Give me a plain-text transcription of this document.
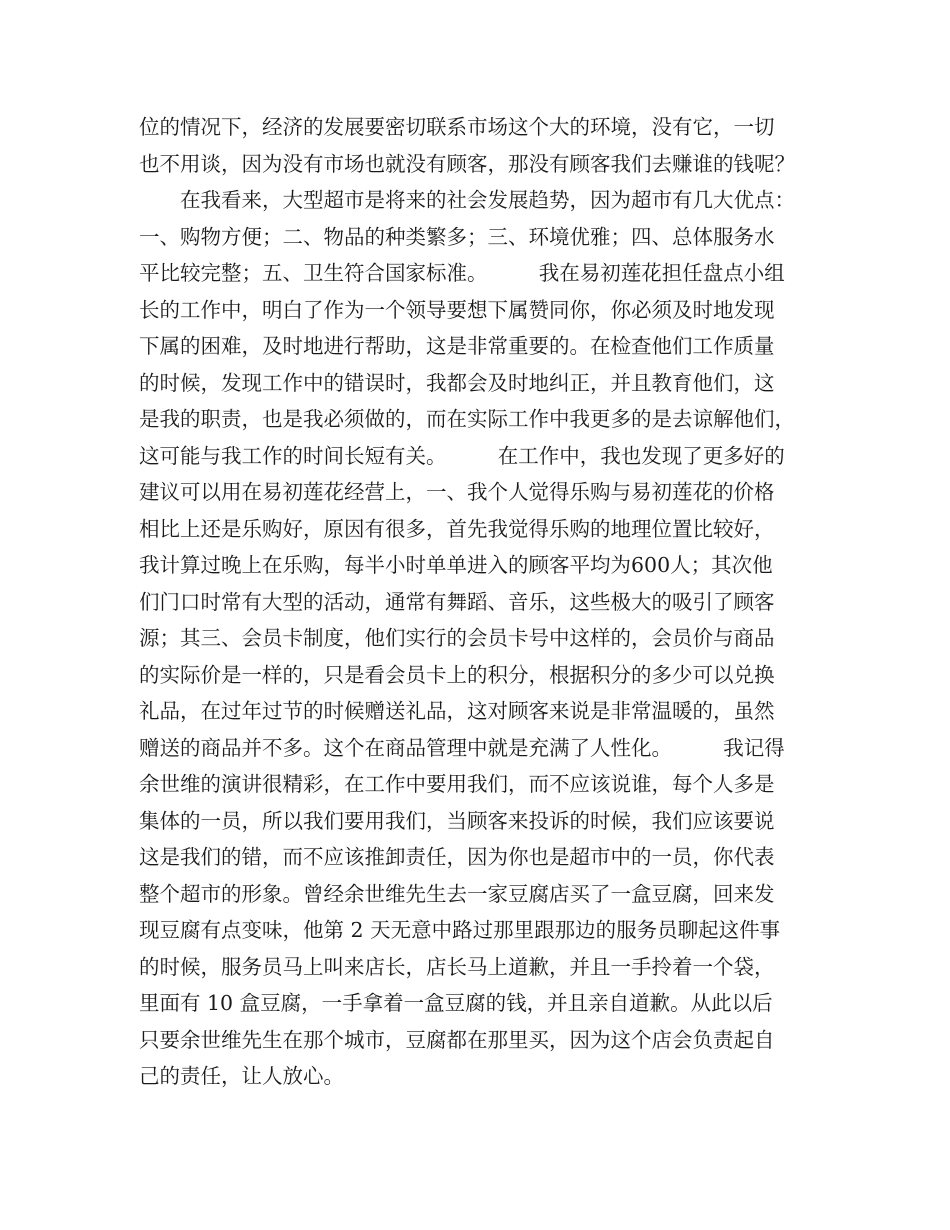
位的情况下，经济的发展要密切联系市场这个大的环境，没有它，一切
也不用谈，因为没有市场也就没有顾客，那没有顾客我们去赚谁的钱呢？
　　在我看来，大型超市是将来的社会发展趋势，因为超市有几大优点：
一、购物方便；二、物品的种类繁多；三、环境优雅；四、总体服务水
平比较完整；五、卫生符合国家标准。　　　我在易初莲花担任盘点小组
长的工作中，明白了作为一个领导要想下属赞同你，你必须及时地发现
下属的困难，及时地进行帮助，这是非常重要的。在检查他们工作质量
的时候，发现工作中的错误时，我都会及时地纠正，并且教育他们，这
是我的职责，也是我必须做的，而在实际工作中我更多的是去谅解他们，
这可能与我工作的时间长短有关。　　　在工作中，我也发现了更多好的
建议可以用在易初莲花经营上，一、我个人觉得乐购与易初莲花的价格
相比上还是乐购好，原因有很多，首先我觉得乐购的地理位置比较好，
我计算过晚上在乐购，每半小时单单进入的顾客平均为600人；其次他
们门口时常有大型的活动，通常有舞蹈、音乐，这些极大的吸引了顾客
源；其三、会员卡制度，他们实行的会员卡号中这样的，会员价与商品
的实际价是一样的，只是看会员卡上的积分，根据积分的多少可以兑换
礼品，在过年过节的时候赠送礼品，这对顾客来说是非常温暖的，虽然
赠送的商品并不多。这个在商品管理中就是充满了人性化。　　　我记得
余世维的演讲很精彩，在工作中要用我们，而不应该说谁，每个人多是
集体的一员，所以我们要用我们，当顾客来投诉的时候，我们应该要说
这是我们的错，而不应该推卸责任，因为你也是超市中的一员，你代表
整个超市的形象。曾经余世维先生去一家豆腐店买了一盒豆腐，回来发
现豆腐有点变味，他第 2 天无意中路过那里跟那边的服务员聊起这件事
的时候，服务员马上叫来店长，店长马上道歉，并且一手拎着一个袋，
里面有 10 盒豆腐，一手拿着一盒豆腐的钱，并且亲自道歉。从此以后
只要余世维先生在那个城市，豆腐都在那里买，因为这个店会负责起自
己的责任，让人放心。
